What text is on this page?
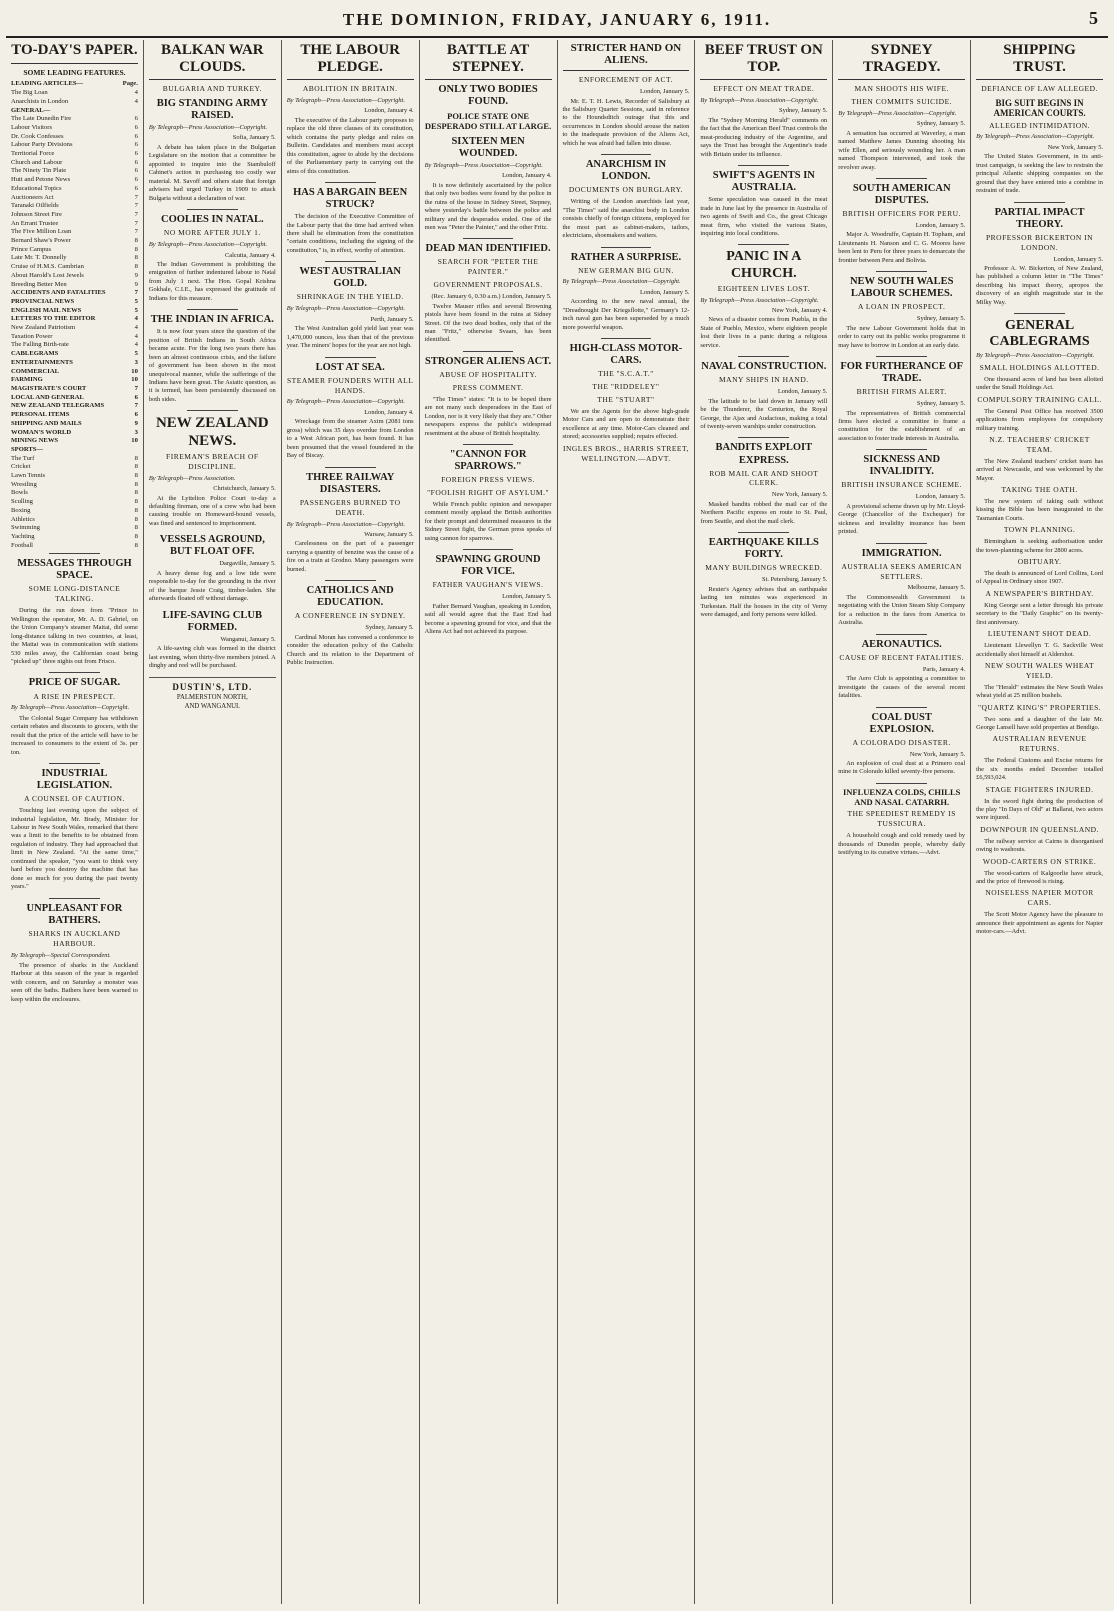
THE DOMINION, FRIDAY, JANUARY 6, 1911.	5
TO-DAY'S PAPER.
SOME LEADING FEATURES.
LEADING ARTICLES—	Page.
The Big Loan	4
Anarchists in London	4
GENERAL—
The Late Dunedin Fire	6
Labour Visitors	6
Dr. Cook Confesses	6
Labour Party Divisions	6
Territorial Force	6
Church and Labour	6
The Ninety Tin Plate	6
Hutt and Petone News	6
Educational Topics	6
Auctioneers Act	7
Taranaki Oilfields	7
Johnson Street Fire	7
An Errant Trustee	7
The Five Million Loan	7
Bernard Shaw's Power	8
Prince Campus	8
Late Mr. T. Donnelly	8
Cruise of H.M.S. Cambrian	8
About Harold's Lost Jewels	9
Breeding Better Men	9
ACCIDENTS AND FATALITIES	7
PROVINCIAL NEWS	5
ENGLISH MAIL NEWS	5
LETTERS TO THE EDITOR	4
New Zealand Patriotism	4
Taxation Power	4
The Falling Birth-rate	4
CABLEGRAMS	5
ENTERTAINMENTS	3
COMMERCIAL	10
FARMING	10
MAGISTRATE'S COURT	7
LOCAL AND GENERAL	6
NEW ZEALAND TELEGRAMS	7
PERSONAL ITEMS	6
SHIPPING AND MAILS	9
WOMAN'S WORLD	3
MINING NEWS	10
SPORTS—
The Turf	8
Cricket	8
Lawn Tennis	8
Wrestling	8
Bowls	8
Sculling	8
Boxing	8
Athletics	8
Swimming	8
Yachting	8
Football	8
MESSAGES THROUGH SPACE.
SOME LONG-DISTANCE TALKING.

During the run down from "Prince to Wellington the operator, Mr. A. D. Gabriel, on the Union Company's steamer Maitai, did some long-distance talking in two countries, at least, the Maitai was in communication with stations 530 miles away, the Californian coast being "picked up" three nights out from Frisco.

PRICE OF SUGAR.
A RISE IN PRESPECT.
By Telegraph—Press Association—Copyright.

The Colonial Sugar Company has withdrawn certain rebates and discounts to grocers, with the result that the price of the article will have to be increased to consumers to the extent of 3s. per ton.

INDUSTRIAL LEGISLATION.
A COUNSEL OF CAUTION.

Touching last evening upon the subject of industrial legislation, Mr. Brady, Minister for Labour in New South Wales, remarked that there was a limit to the benefits to be obtained from regulation of industry. They had approached that limit in New Zealand. "At the same time," continued the speaker, "you want to think very hard before you destroy the machine that has done so much for you during the past twenty years."

UNPLEASANT FOR BATHERS.
SHARKS IN AUCKLAND HARBOUR.
By Telegraph—Special Correspondent.

The presence of sharks in the Auckland Harbour at this season of the year is regarded with concern, and on Saturday a monster was seen off the baths. Bathers have been warned to keep within the enclosures.

BALKAN WAR CLOUDS.
BULGARIA AND TURKEY.
BIG STANDING ARMY RAISED.
By Telegraph—Press Association—Copyright.
Sofia, January 5.

A debate has taken place in the Bulgarian Legislature on the motion that a committee be appointed to inquire into the Stambuloff Cabinet's action in purchasing too costly war material. M. Savoff and others state that foreign advisers had urged Turkey in 1909 to attack Bulgaria without a declaration of war.

COOLIES IN NATAL.
NO MORE AFTER JULY 1.
By Telegraph—Press Association—Copyright.
Calcutta, January 4.

The Indian Government is prohibiting the emigration of further indentured labour to Natal from July 1 next. The Hon. Gopal Krishna Gokhale, C.I.E., has expressed the gratitude of Indians for this measure.

THE INDIAN IN AFRICA.

It is now four years since the question of the position of British Indians in South Africa became acute. For the long two years there has been an almost continuous crisis, and the failure of government has been shown in the most unequivocal manner, while the sufferings of the Indians have been great. The Asiatic question, as it is termed, has been persistently discussed on both sides.

NEW ZEALAND NEWS.
FIREMAN'S BREACH OF DISCIPLINE.
By Telegraph—Press Association.
Christchurch, January 5.

At the Lyttelton Police Court to-day a defaulting fireman, one of a crew who had been causing trouble on Homeward-bound vessels, was fined and sentenced to imprisonment.

VESSELS AGROUND, BUT FLOAT OFF.
Dargaville, January 5.

A heavy dense fog and a low tide were responsible to-day for the grounding in the river of the barque Jessie Craig, timber-laden. She afterwards floated off without damage.

LIFE-SAVING CLUB FORMED.
Wanganui, January 5.

A life-saving club was formed in the district last evening, when thirty-five members joined. A dinghy and reel will be purchased.

DUSTIN'S, LTD.
PALMERSTON NORTH,
AND WANGANUI.
THE LABOUR PLEDGE.
ABOLITION IN BRITAIN.
By Telegraph—Press Association—Copyright.
London, January 4.

The executive of the Labour party proposes to replace the old three clauses of its constitution, which contains the party pledge and rules on Bulletin. Candidates and members must accept this constitution, agree to abide by the decisions of the Parliamentary party in carrying out the aims of this constitution.

HAS A BARGAIN BEEN STRUCK?

The decision of the Executive Committee of the Labour party that the time had arrived when there shall be elimination from the constitution "certain conditions, including the signing of the constitution," is, in effect, worthy of attention.

WEST AUSTRALIAN GOLD.
SHRINKAGE IN THE YIELD.
By Telegraph—Press Association—Copyright.
Perth, January 5.

The West Australian gold yield last year was 1,470,000 ounces, less than that of the previous year. The miners' hopes for the year are not high.

LOST AT SEA.
STEAMER FOUNDERS WITH ALL HANDS.
By Telegraph—Press Association—Copyright.
London, January 4.

Wreckage from the steamer Axim (2081 tons gross) which was 35 days overdue from London to a West African port, has been found. It has been presumed that the vessel foundered in the Bay of Biscay.

THREE RAILWAY DISASTERS.
PASSENGERS BURNED TO DEATH.
By Telegraph—Press Association—Copyright.
Warsaw, January 5.

Carelessness on the part of a passenger carrying a quantity of benzine was the cause of a fire on a train at Grodno. Many passengers were burned.

CATHOLICS AND EDUCATION.
A CONFERENCE IN SYDNEY.
Sydney, January 5.

Cardinal Moran has convened a conference to consider the education policy of the Catholic Church and its relation to the Department of Public Instruction.

BATTLE AT STEPNEY.
ONLY TWO BODIES FOUND.
POLICE STATE ONE DESPERADO STILL AT LARGE.
SIXTEEN MEN WOUNDED.
By Telegraph—Press Association—Copyright.
London, January 4.

It is now definitely ascertained by the police that only two bodies were found by the police in the ruins of the house in Sidney Street, Stepney, where yesterday's battle between the police and military and the desperados ended. One of the men was "Peter the Painter," and the other Fritz.

DEAD MAN IDENTIFIED.
SEARCH FOR "PETER THE PAINTER."
GOVERNMENT PROPOSALS.
(Rec. January 6, 0.30 a.m.) London, January 5.

Twelve Mauser rifles and several Browning pistols have been found in the ruins at Sidney Street. Of the two dead bodies, only that of the man "Fritz," otherwise Svaars, has been identified.

STRONGER ALIENS ACT.
ABUSE OF HOSPITALITY.
PRESS COMMENT.

"The Times" states: "It is to be hoped there are not many such desperadoes in the East of London, nor is it very likely that they are." Other newspapers express the public's widespread resentment at the abuse of British hospitality.

"CANNON FOR SPARROWS."
FOREIGN PRESS VIEWS.
"FOOLISH RIGHT OF ASYLUM."

While French public opinion and newspaper comment mostly applaud the British authorities for their prompt and determined measures in the Sidney Street fight, the German press speaks of using cannon for sparrows.

SPAWNING GROUND FOR VICE.
FATHER VAUGHAN'S VIEWS.
London, January 5.

Father Bernard Vaughan, speaking in London, said all would agree that the East End had become a spawning ground for vice, and that the Aliens Act had not achieved its purpose.

STRICTER HAND ON ALIENS.
ENFORCEMENT OF ACT.
London, January 5.

Mr. E. T. H. Lewis, Recorder of Salisbury at the Salisbury Quarter Sessions, said in reference to the Houndsditch outrage that this and occurrences in London should arouse the nation to the inadequate provision of the Aliens Act, which he was afraid had fallen into disuse.

ANARCHISM IN LONDON.
DOCUMENTS ON BURGLARY.

Writing of the London anarchists last year, "The Times" said the anarchist body in London consists chiefly of foreign citizens, employed for the most part as cabinet-makers, tailors, electricians, shoemakers and waiters.

RATHER A SURPRISE.
NEW GERMAN BIG GUN.
By Telegraph—Press Association—Copyright.
London, January 5.

According to the new naval annual, the "Dreadnought Der Kriegsflotte," Germany's 12-inch naval gun has been superseded by a much more powerful weapon.

HIGH-CLASS MOTOR-CARS.
THE "S.C.A.T."
THE "RIDDELEY"
THE "STUART"

We are the Agents for the above high-grade Motor Cars and are open to demonstrate their excellence at any time. Motor-Cars cleaned and stored; accessories supplied; repairs effected.

INGLES BROS., HARRIS STREET, WELLINGTON.—ADVT.
BEEF TRUST ON TOP.
EFFECT ON MEAT TRADE.
By Telegraph—Press Association—Copyright.
Sydney, January 5.

The "Sydney Morning Herald" comments on the fact that the American Beef Trust controls the meat-producing industry of the Argentine, and says the Trust has brought the Argentine's trade with Britain under its influence.

SWIFT'S AGENTS IN AUSTRALIA.

Some speculation was caused in the meat trade in June last by the presence in Australia of two agents of Swift and Co., the great Chicago meat firm, who visited the various States, inquiring into local conditions.

PANIC IN A CHURCH.
EIGHTEEN LIVES LOST.
By Telegraph—Press Association—Copyright.
New York, January 4.

News of a disaster comes from Puebla, in the State of Pueblo, Mexico, where eighteen people lost their lives in a panic during a religious service.

NAVAL CONSTRUCTION.
MANY SHIPS IN HAND.
London, January 5.

The latitude to be laid down in January will be the Thunderer, the Centurion, the Royal George, the Ajax and Audacious, making a total of twenty-seven warships under construction.

BANDITS EXPLOIT EXPRESS.
ROB MAIL CAR AND SHOOT CLERK.
New York, January 5.

Masked bandits robbed the mail car of the Northern Pacific express en route to St. Paul, from Seattle, and shot the mail clerk.

EARTHQUAKE KILLS FORTY.
MANY BUILDINGS WRECKED.
St. Petersburg, January 5.

Reuter's Agency advises that an earthquake lasting ten minutes was experienced in Turkestan. Half the houses in the city of Verny were damaged, and forty persons were killed.

SYDNEY TRAGEDY.
MAN SHOOTS HIS WIFE.
THEN COMMITS SUICIDE.
By Telegraph—Press Association—Copyright.
Sydney, January 5.

A sensation has occurred at Waverley, a man named Matthew James Dunning shooting his wife Ellen, and seriously wounding her. A man named Thompson intervened, and took the revolver away.

SOUTH AMERICAN DISPUTES.
BRITISH OFFICERS FOR PERU.
London, January 5.

Major A. Woodruffe, Captain H. Topham, and Lieutenants H. Nanson and C. G. Moores have been lent to Peru for three years to demarcate the frontier between Peru and Bolivia.

NEW SOUTH WALES LABOUR SCHEMES.
A LOAN IN PROSPECT.
Sydney, January 5.

The new Labour Government holds that in order to carry out its public works programme it may have to borrow in London at an early date.

FOR FURTHERANCE OF TRADE.
BRITISH FIRMS ALERT.
Sydney, January 5.

The representatives of British commercial firms have elected a committee to frame a constitution for the establishment of an association to foster trade interests in Australia.

SICKNESS AND INVALIDITY.
BRITISH INSURANCE SCHEME.
London, January 5.

A provisional scheme drawn up by Mr. Lloyd-George (Chancellor of the Exchequer) for sickness and invalidity insurance has been printed.

IMMIGRATION.
AUSTRALIA SEEKS AMERICAN SETTLERS.
Melbourne, January 5.

The Commonwealth Government is negotiating with the Union Steam Ship Company for a reduction in the fares from America to Australia.

AERONAUTICS.
CAUSE OF RECENT FATALITIES.
Paris, January 4.

The Aero Club is appointing a committee to investigate the causes of the several recent fatalities.

COAL DUST EXPLOSION.
A COLORADO DISASTER.
New York, January 5.

An explosion of coal dust at a Primero coal mine in Colorado killed seventy-five persons.

INFLUENZA COLDS, CHILLS AND NASAL CATARRH.
THE SPEEDIEST REMEDY IS TUSSICURA.

A household cough and cold remedy used by thousands of Dunedin people, whereby daily testifying to its curative virtues.—Advt.

SHIPPING TRUST.
DEFIANCE OF LAW ALLEGED.
BIG SUIT BEGINS IN AMERICAN COURTS.
ALLEGED INTIMIDATION.
By Telegraph—Press Association—Copyright.
New York, January 5.

The United States Government, in its anti-trust campaign, is seeking the law to restrain the principal Atlantic shipping companies on the ground that they have entered into a combine in restraint of trade.

PARTIAL IMPACT THEORY.
PROFESSOR BICKERTON IN LONDON.
London, January 5.

Professor A. W. Bickerton, of New Zealand, has published a column letter in "The Times" describing his impact theory, apropos the discovery of an eighth magnitude star in the Milky Way.

GENERAL CABLEGRAMS
By Telegraph—Press Association—Copyright.
SMALL HOLDINGS ALLOTTED.

One thousand acres of land has been allotted under the Small Holdings Act.

COMPULSORY TRAINING CALL.

The General Post Office has received 3500 applications from employees for compulsory military training.

N.Z. TEACHERS' CRICKET TEAM.

The New Zealand teachers' cricket team has arrived at Newcastle, and was welcomed by the Mayor.

TAKING THE OATH.

The new system of taking oath without kissing the Bible has been inaugurated in the Tasmanian Courts.

TOWN PLANNING.

Birmingham is seeking authorisation under the town-planning scheme for 2800 acres.

OBITUARY.

The death is announced of Lord Collins, Lord of Appeal in Ordinary since 1907.

A NEWSPAPER'S BIRTHDAY.

King George sent a letter through his private secretary to the "Daily Graphic" on its twenty-first anniversary.

LIEUTENANT SHOT DEAD.

Lieutenant Llewellyn T. G. Sackville West accidentally shot himself at Aldershot.

NEW SOUTH WALES WHEAT YIELD.

The "Herald" estimates the New South Wales wheat yield at 25 million bushels.

"QUARTZ KING'S" PROPERTIES.

Two sons and a daughter of the late Mr. George Lansell have sold properties at Bendigo.

AUSTRALIAN REVENUE RETURNS.

The Federal Customs and Excise returns for the six months ended December totalled £6,593,024.

STAGE FIGHTERS INJURED.

In the sword fight during the production of the play "In Days of Old" at Ballarat, two actors were injured.

DOWNPOUR IN QUEENSLAND.

The railway service at Cairns is disorganised owing to washouts.

WOOD-CARTERS ON STRIKE.

The wood-carters of Kalgoorlie have struck, and the price of firewood is rising.

NOISELESS NAPIER MOTOR CARS.

The Scott Motor Agency have the pleasure to announce their appointment as agents for Napier motor-cars.—Advt.
